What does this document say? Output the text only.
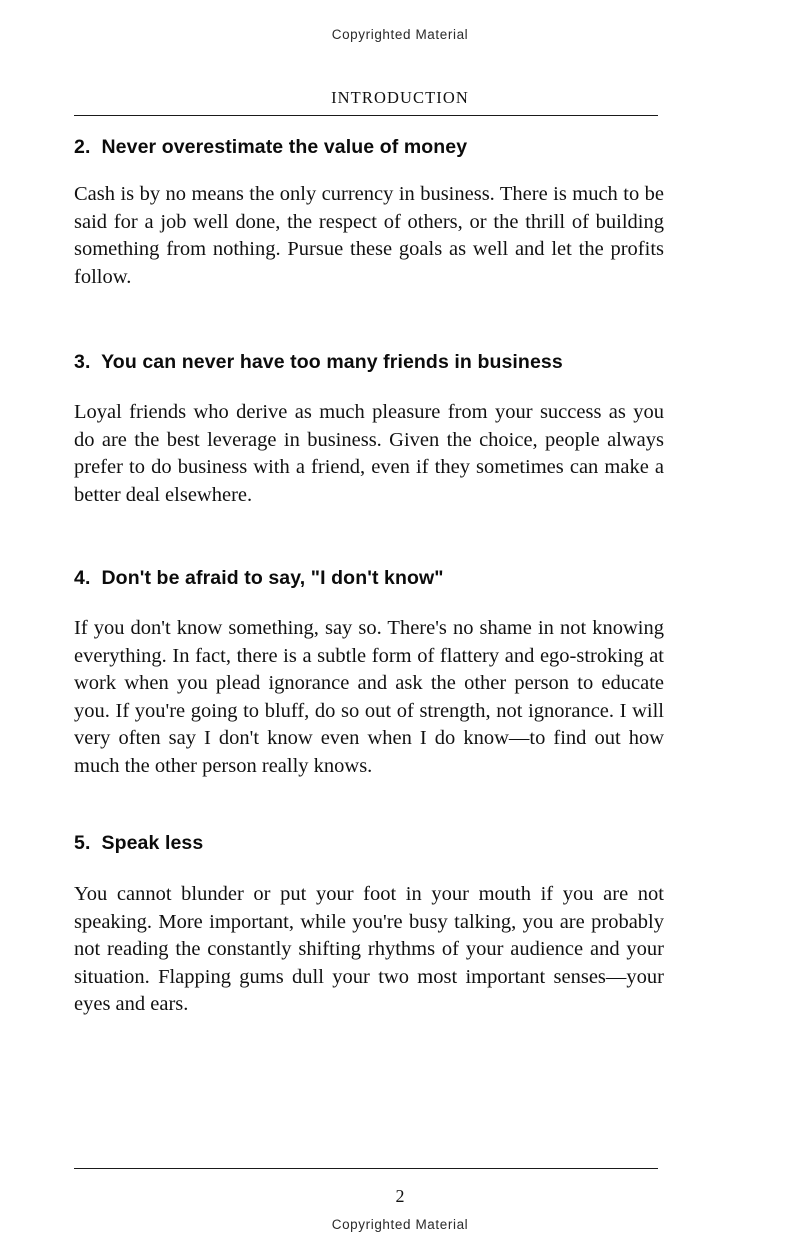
Copyrighted Material
INTRODUCTION
2.  Never overestimate the value of money

Cash is by no means the only currency in business. There is much to be said for a job well done, the respect of others, or the thrill of building something from nothing. Pursue these goals as well and let the profits follow.

3.  You can never have too many friends in business

Loyal friends who derive as much pleasure from your success as you do are the best leverage in business. Given the choice, people always prefer to do business with a friend, even if they sometimes can make a better deal elsewhere.

4.  Don't be afraid to say, "I don't know"

If you don't know something, say so. There's no shame in not knowing everything. In fact, there is a subtle form of flattery and ego-stroking at work when you plead ignorance and ask the other person to educate you. If you're going to bluff, do so out of strength, not ignorance. I will very often say I don't know even when I do know—to find out how much the other person really knows.

5.  Speak less

You cannot blunder or put your foot in your mouth if you are not speaking. More important, while you're busy talking, you are probably not reading the constantly shifting rhythms of your audience and your situation. Flapping gums dull your two most important senses—your eyes and ears.

2
Copyrighted Material
